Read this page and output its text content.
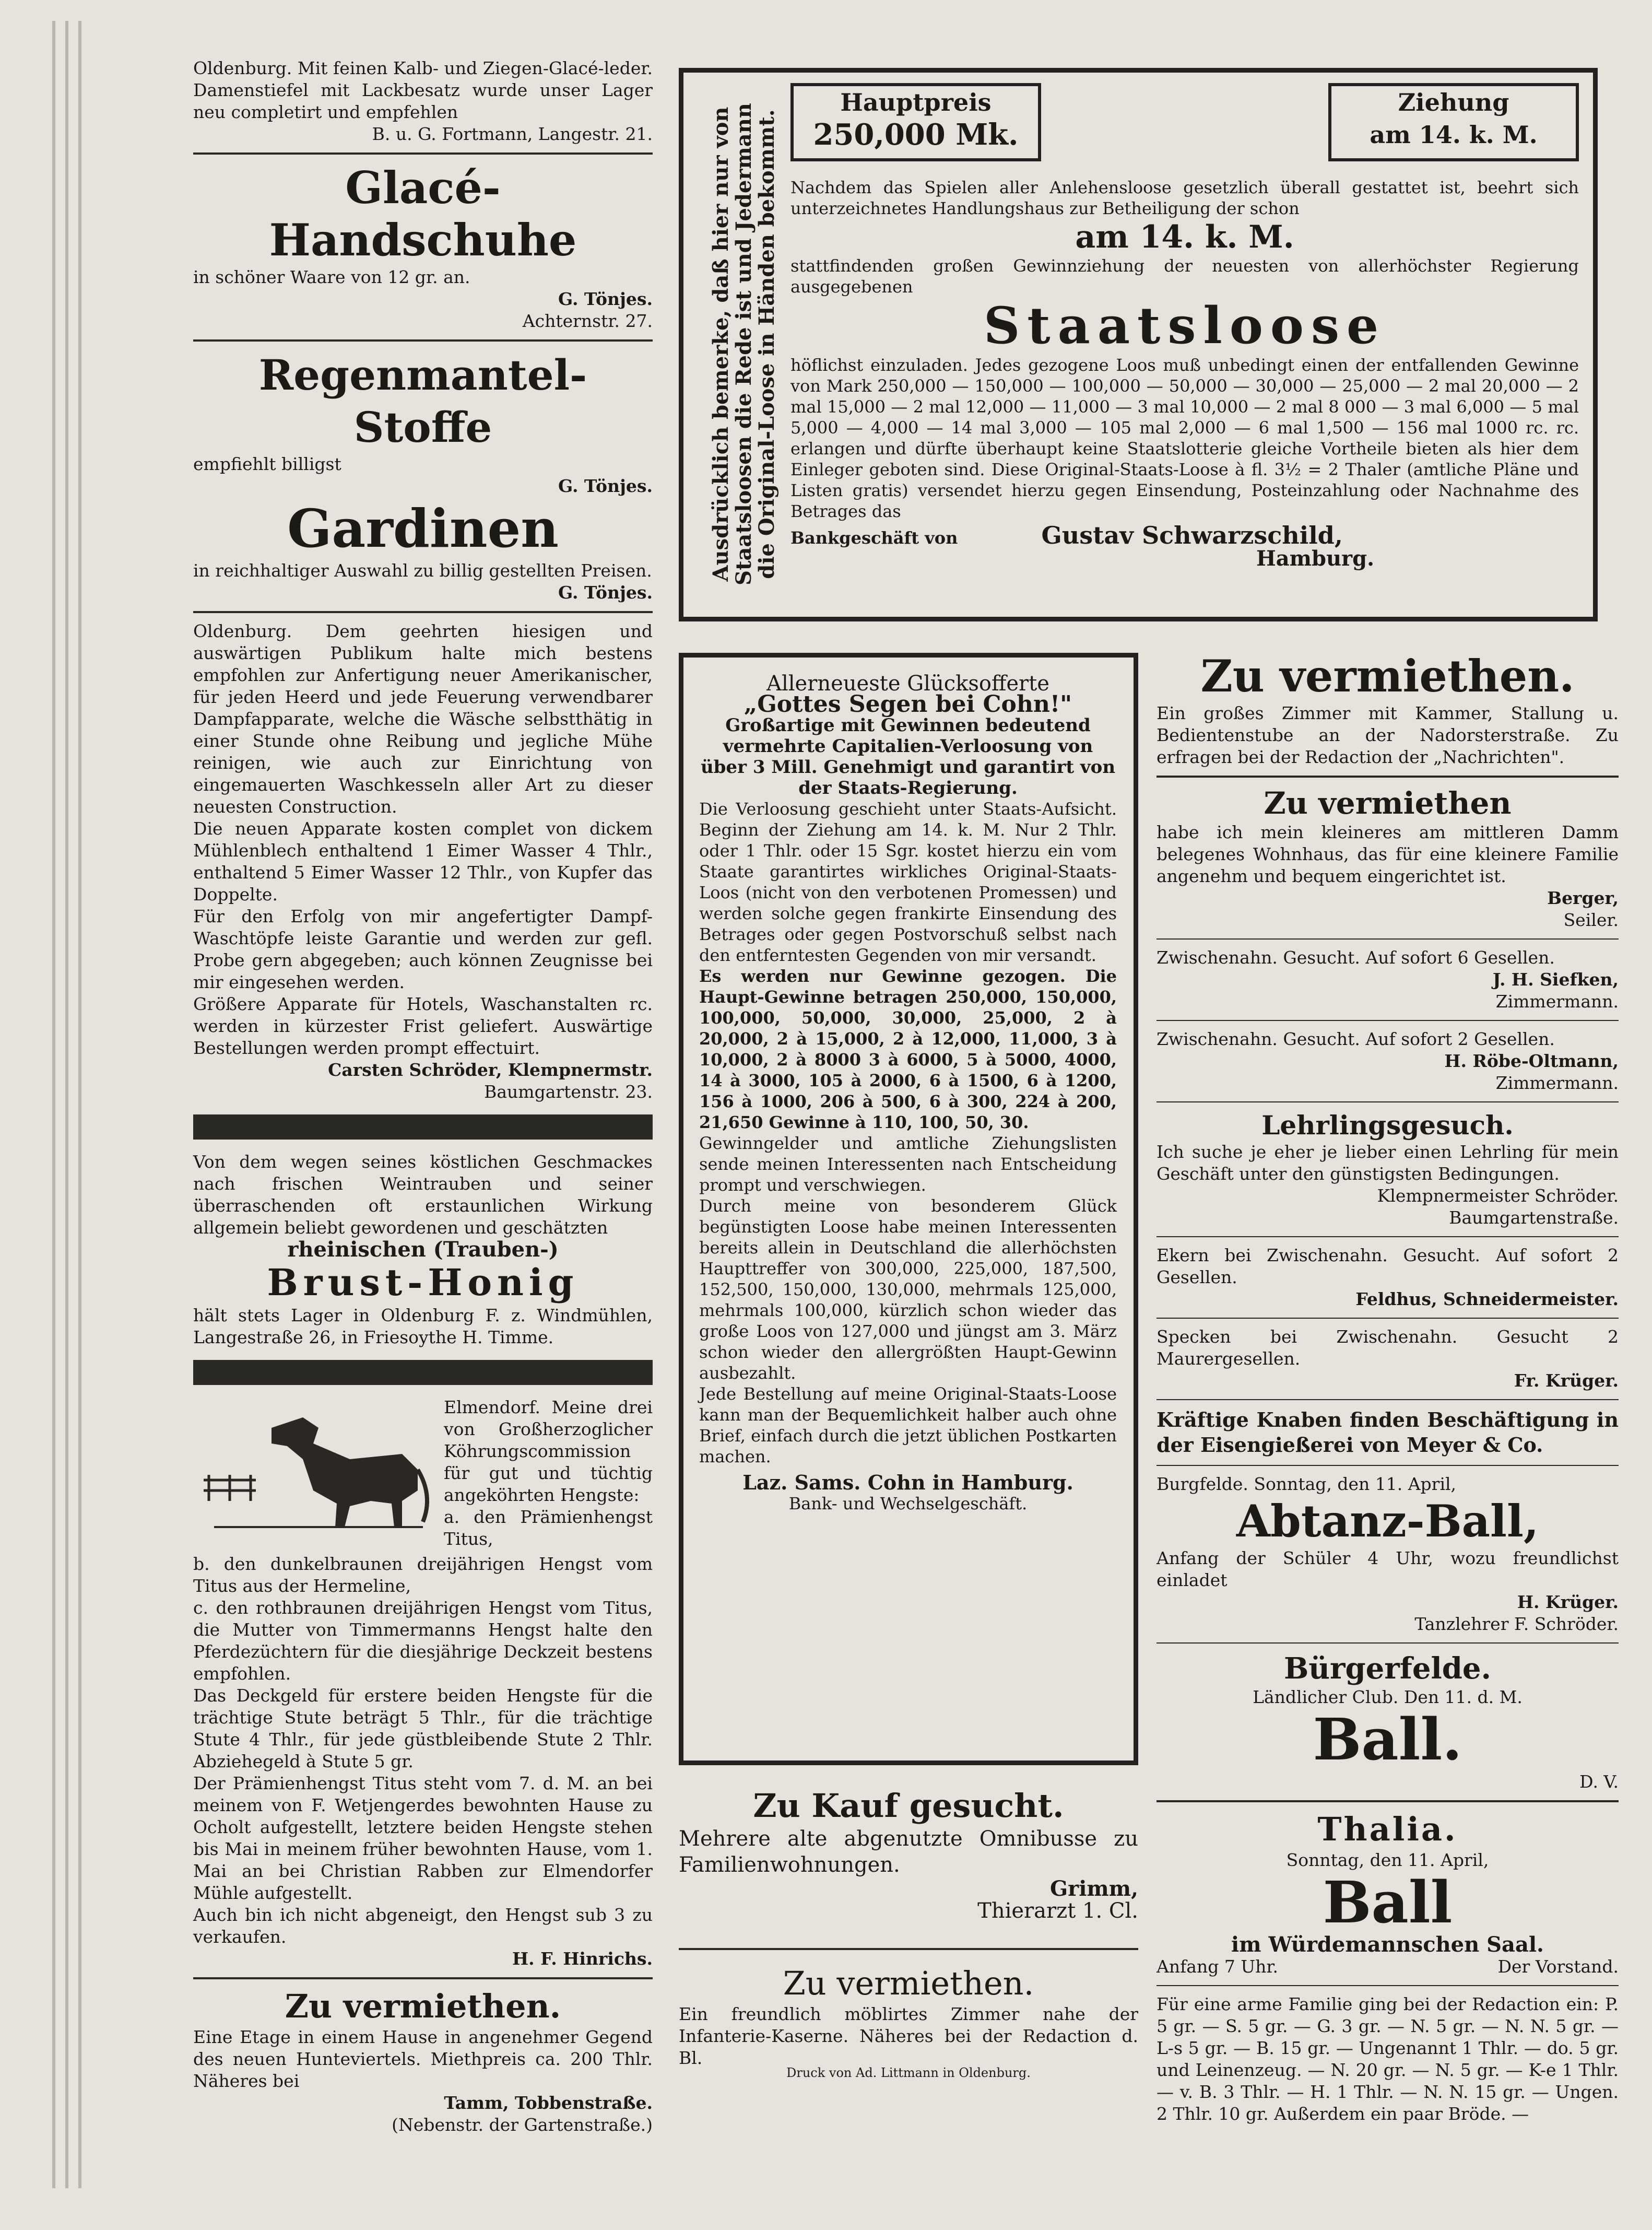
Oldenburg. Mit feinen Kalb- und Ziegen-Glacé-leder. Damenstiefel mit Lackbesatz wurde unser Lager neu completirt und empfehlen
B. u. G. Fortmann, Langestr. 21.
Glacé-Handschuhe
in schöner Waare von 12 gr. an.
G. Tönjes.
Achternstr. 27.
Regenmantel-Stoffe
empfiehlt billigst
G. Tönjes.
Gardinen
in reichhaltiger Auswahl zu billig gestellten Preisen.
G. Tönjes.
Oldenburg. Dem geehrten hiesigen und auswärtigen Publikum halte mich bestens empfohlen zur Anfertigung neuer Amerikanischer, für jeden Heerd und jede Feuerung verwendbarer Dampfapparate, welche die Wäsche selbstthätig in einer Stunde ohne Reibung und jegliche Mühe reinigen, wie auch zur Einrichtung von eingemauerten Waschkesseln aller Art zu dieser neuesten Construction.
Die neuen Apparate kosten complet von dickem Mühlenblech enthaltend 1 Eimer Wasser 4 Thlr., enthaltend 5 Eimer Wasser 12 Thlr., von Kupfer das Doppelte.
Für den Erfolg von mir angefertigter Dampf-Waschtöpfe leiste Garantie und werden zur gefl. Probe gern abgegeben; auch können Zeugnisse bei mir eingesehen werden.
Größere Apparate für Hotels, Waschanstalten rc. werden in kürzester Frist geliefert. Auswärtige Bestellungen werden prompt effectuirt.
Carsten Schröder, Klempnermstr.
Baumgartenstr. 23.
Von dem wegen seines köstlichen Geschmackes nach frischen Weintrauben und seiner überraschenden oft erstaunlichen Wirkung allgemein beliebt gewordenen und geschätzten
rheinischen (Trauben-)
Brust-Honig
hält stets Lager in Oldenburg F. z. Windmühlen, Langestraße 26, in Friesoythe H. Timme.
Elmendorf. Meine drei von Großherzoglicher Köhrungscommission für gut und tüchtig angeköhrten Hengste:
a. den Prämienhengst Titus,
b. den dunkelbraunen dreijährigen Hengst vom Titus aus der Hermeline,
c. den rothbraunen dreijährigen Hengst vom Titus, die Mutter von Timmermanns Hengst halte den Pferdezüchtern für die diesjährige Deckzeit bestens empfohlen.
Das Deckgeld für erstere beiden Hengste für die trächtige Stute beträgt 5 Thlr., für die trächtige Stute 4 Thlr., für jede güstbleibende Stute 2 Thlr. Abziehegeld à Stute 5 gr.
Der Prämienhengst Titus steht vom 7. d. M. an bei meinem von F. Wetjengerdes bewohnten Hause zu Ocholt aufgestellt, letztere beiden Hengste stehen bis Mai in meinem früher bewohnten Hause, vom 1. Mai an bei Christian Rabben zur Elmendorfer Mühle aufgestellt.
Auch bin ich nicht abgeneigt, den Hengst sub 3 zu verkaufen.
H. F. Hinrichs.
Zu vermiethen.
Eine Etage in einem Hause in angenehmer Gegend des neuen Hunteviertels. Miethpreis ca. 200 Thlr. Näheres bei
Tamm, Tobbenstraße.
(Nebenstr. der Gartenstraße.)
Ausdrücklich bemerke, daß hier nur von Staatsloosen die Rede ist und Jedermann die Original-Loose in Händen bekommt.
Hauptpreis
250,000 Mk.
Ziehung
am 14. k. M.
Nachdem das Spielen aller Anlehensloose gesetzlich überall gestattet ist, beehrt sich unterzeichnetes Handlungshaus zur Betheiligung der schon
am 14. k. M.
stattfindenden großen Gewinnziehung der neuesten von allerhöchster Regierung ausgegebenen
Staatsloose
höflichst einzuladen. Jedes gezogene Loos muß unbedingt einen der entfallenden Gewinne von Mark 250,000 — 150,000 — 100,000 — 50,000 — 30,000 — 25,000 — 2 mal 20,000 — 2 mal 15,000 — 2 mal 12,000 — 11,000 — 3 mal 10,000 — 2 mal 8 000 — 3 mal 6,000 — 5 mal 5,000 — 4,000 — 14 mal 3,000 — 105 mal 2,000 — 6 mal 1,500 — 156 mal 1000 rc. rc. erlangen und dürfte überhaupt keine Staatslotterie gleiche Vortheile bieten als hier dem Einleger geboten sind. Diese Original-Staats-Loose à fl. 3½ = 2 Thaler (amtliche Pläne und Listen gratis) versendet hierzu gegen Einsendung, Posteinzahlung oder Nachnahme des Betrages das
Bankgeschäft von	Gustav Schwarzschild,
Hamburg.
Allerneueste Glücksofferte
„Gottes Segen bei Cohn!"
Großartige mit Gewinnen bedeutend vermehrte Capitalien-Verloosung von über 3 Mill. Genehmigt und garantirt von der Staats-Regierung.
Die Verloosung geschieht unter Staats-Aufsicht. Beginn der Ziehung am 14. k. M. Nur 2 Thlr. oder 1 Thlr. oder 15 Sgr. kostet hierzu ein vom Staate garantirtes wirkliches Original-Staats-Loos (nicht von den verbotenen Promessen) und werden solche gegen frankirte Einsendung des Betrages oder gegen Postvorschuß selbst nach den entferntesten Gegenden von mir versandt.
Es werden nur Gewinne gezogen. Die Haupt-Gewinne betragen 250,000, 150,000, 100,000, 50,000, 30,000, 25,000, 2 à 20,000, 2 à 15,000, 2 à 12,000, 11,000, 3 à 10,000, 2 à 8000 3 à 6000, 5 à 5000, 4000, 14 à 3000, 105 à 2000, 6 à 1500, 6 à 1200, 156 à 1000, 206 à 500, 6 à 300, 224 à 200, 21,650 Gewinne à 110, 100, 50, 30.
Gewinngelder und amtliche Ziehungslisten sende meinen Interessenten nach Entscheidung prompt und verschwiegen.
Durch meine von besonderem Glück begünstigten Loose habe meinen Interessenten bereits allein in Deutschland die allerhöchsten Haupttreffer von 300,000, 225,000, 187,500, 152,500, 150,000, 130,000, mehrmals 125,000, mehrmals 100,000, kürzlich schon wieder das große Loos von 127,000 und jüngst am 3. März schon wieder den allergrößten Haupt-Gewinn ausbezahlt.
Jede Bestellung auf meine Original-Staats-Loose kann man der Bequemlichkeit halber auch ohne Brief, einfach durch die jetzt üblichen Postkarten machen.
Laz. Sams. Cohn in Hamburg.
Bank- und Wechselgeschäft.
Zu Kauf gesucht.
Mehrere alte abgenutzte Omnibusse zu Familienwohnungen.
Grimm,
Thierarzt 1. Cl.
Zu vermiethen.
Ein freundlich möblirtes Zimmer nahe der Infanterie-Kaserne. Näheres bei der Redaction d. Bl.
Druck von Ad. Littmann in Oldenburg.
Zu vermiethen.
Ein großes Zimmer mit Kammer, Stallung u. Bedientenstube an der Nadorsterstraße. Zu erfragen bei der Redaction der „Nachrichten".
Zu vermiethen
habe ich mein kleineres am mittleren Damm belegenes Wohnhaus, das für eine kleinere Familie angenehm und bequem eingerichtet ist.
Berger,
Seiler.
Zwischenahn. Gesucht. Auf sofort 6 Gesellen.
J. H. Siefken,
Zimmermann.
Zwischenahn. Gesucht. Auf sofort 2 Gesellen.
H. Röbe-Oltmann,
Zimmermann.
Lehrlingsgesuch.
Ich suche je eher je lieber einen Lehrling für mein Geschäft unter den günstigsten Bedingungen.
Klempnermeister Schröder.
Baumgartenstraße.
Ekern bei Zwischenahn. Gesucht. Auf sofort 2 Gesellen.
Feldhus, Schneidermeister.
Specken bei Zwischenahn. Gesucht 2 Maurergesellen.
Fr. Krüger.
Kräftige Knaben finden Beschäftigung in der Eisengießerei von Meyer & Co.
Burgfelde. Sonntag, den 11. April,
Abtanz-Ball,
Anfang der Schüler 4 Uhr, wozu freundlichst einladet
H. Krüger.
Tanzlehrer F. Schröder.
Bürgerfelde.
Ländlicher Club. Den 11. d. M.
Ball.
D. V.
Thalia.
Sonntag, den 11. April,
Ball
im Würdemannschen Saal.
Anfang 7 Uhr.	Der Vorstand.
Für eine arme Familie ging bei der Redaction ein: P. 5 gr. — S. 5 gr. — G. 3 gr. — N. 5 gr. — N. N. 5 gr. — L-s 5 gr. — B. 15 gr. — Ungenannt 1 Thlr. — do. 5 gr. und Leinenzeug. — N. 20 gr. — N. 5 gr. — K-e 1 Thlr. — v. B. 3 Thlr. — H. 1 Thlr. — N. N. 15 gr. — Ungen. 2 Thlr. 10 gr. Außerdem ein paar Bröde. —
